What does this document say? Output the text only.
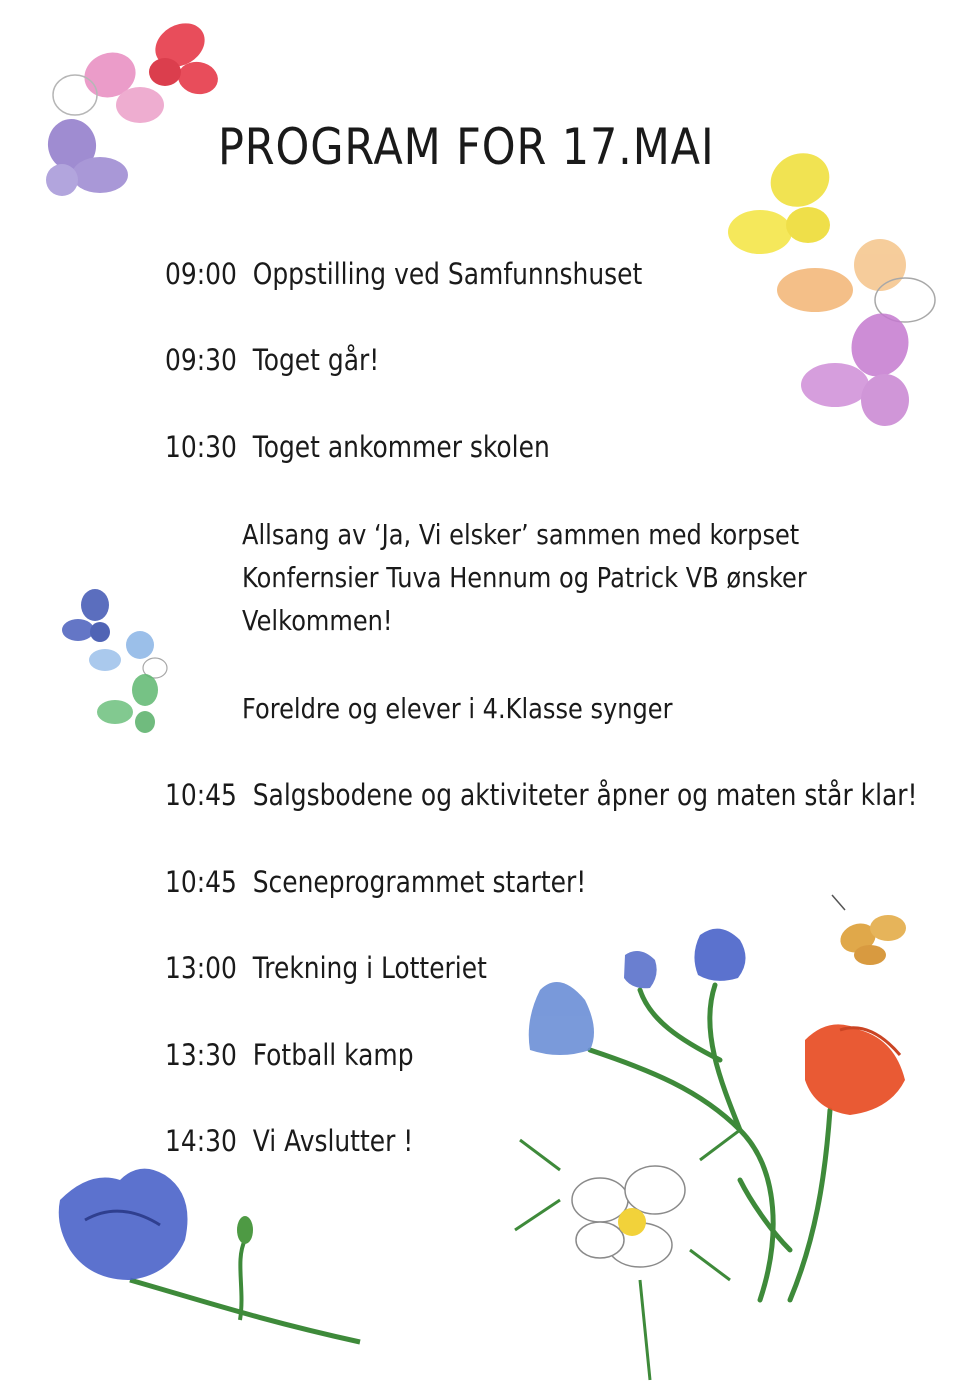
PROGRAM FOR 17.MAI
09:00 Oppstilling ved Samfunnshuset
09:30 Toget går!
10:30 Toget ankommer skolen
Allsang av ‘Ja, Vi elsker’ sammen med korpset
Konfernsier Tuva Hennum og Patrick VB ønsker
Velkommen!
Foreldre og elever i 4.Klasse synger
10:45 Salgsbodene og aktiviteter åpner og maten står klar!
10:45 Sceneprogrammet starter!
13:00 Trekning i Lotteriet
13:30 Fotball kamp
14:30 Vi Avslutter !
